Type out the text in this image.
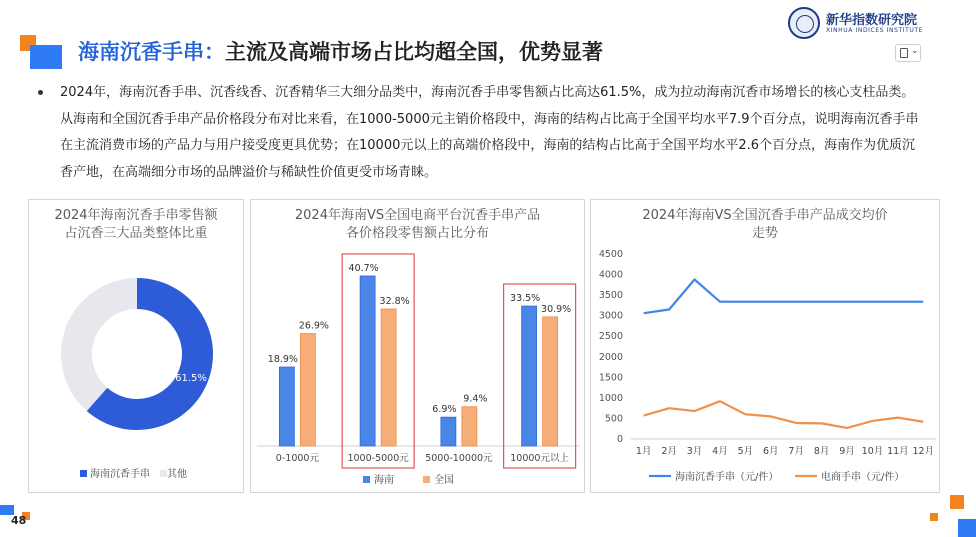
海南沉香手串：主流及高端市场占比均超全国，优势显著
新华指数研究院
XINHUA INDICES INSTITUTE
⌄
2024年，海南沉香手串、沉香线香、沉香精华三大细分品类中，海南沉香手串零售额占比高达61.5%，成为拉动海南沉香市场增长的核心支柱品类。从海南和全国沉香手串产品价格段分布对比来看，在1000-5000元主销价格段中，海南的结构占比高于全国平均水平7.9个百分点，说明海南沉香手串在主流消费市场的产品力与用户接受度更具优势；在10000元以上的高端价格段中，海南的结构占比高于全国平均水平2.6个百分点，海南作为优质沉香产地，在高端细分市场的品牌溢价与稀缺性价值更受市场青睐。
2024年海南沉香手串零售额
占沉香三大品类整体比重
61.5%
海南沉香手串 其他
2024年海南VS全国电商平台沉香手串产品
各价格段零售额占比分布
18.9%
26.9%
0-1000元
40.7%
32.8%
1000-5000元
6.9%
9.4%
5000-10000元
33.5%
30.9%
10000元以上
海南	全国
2024年海南VS全国沉香手串产品成交均价
走势
0
500
1000
1500
2000
2500
3000
3500
4000
4500
1月 2月 3月 4月 5月 6月 7月 8月 9月 10月 11月 12月
海南沉香手串（元/件）	电商手串（元/件）
48
